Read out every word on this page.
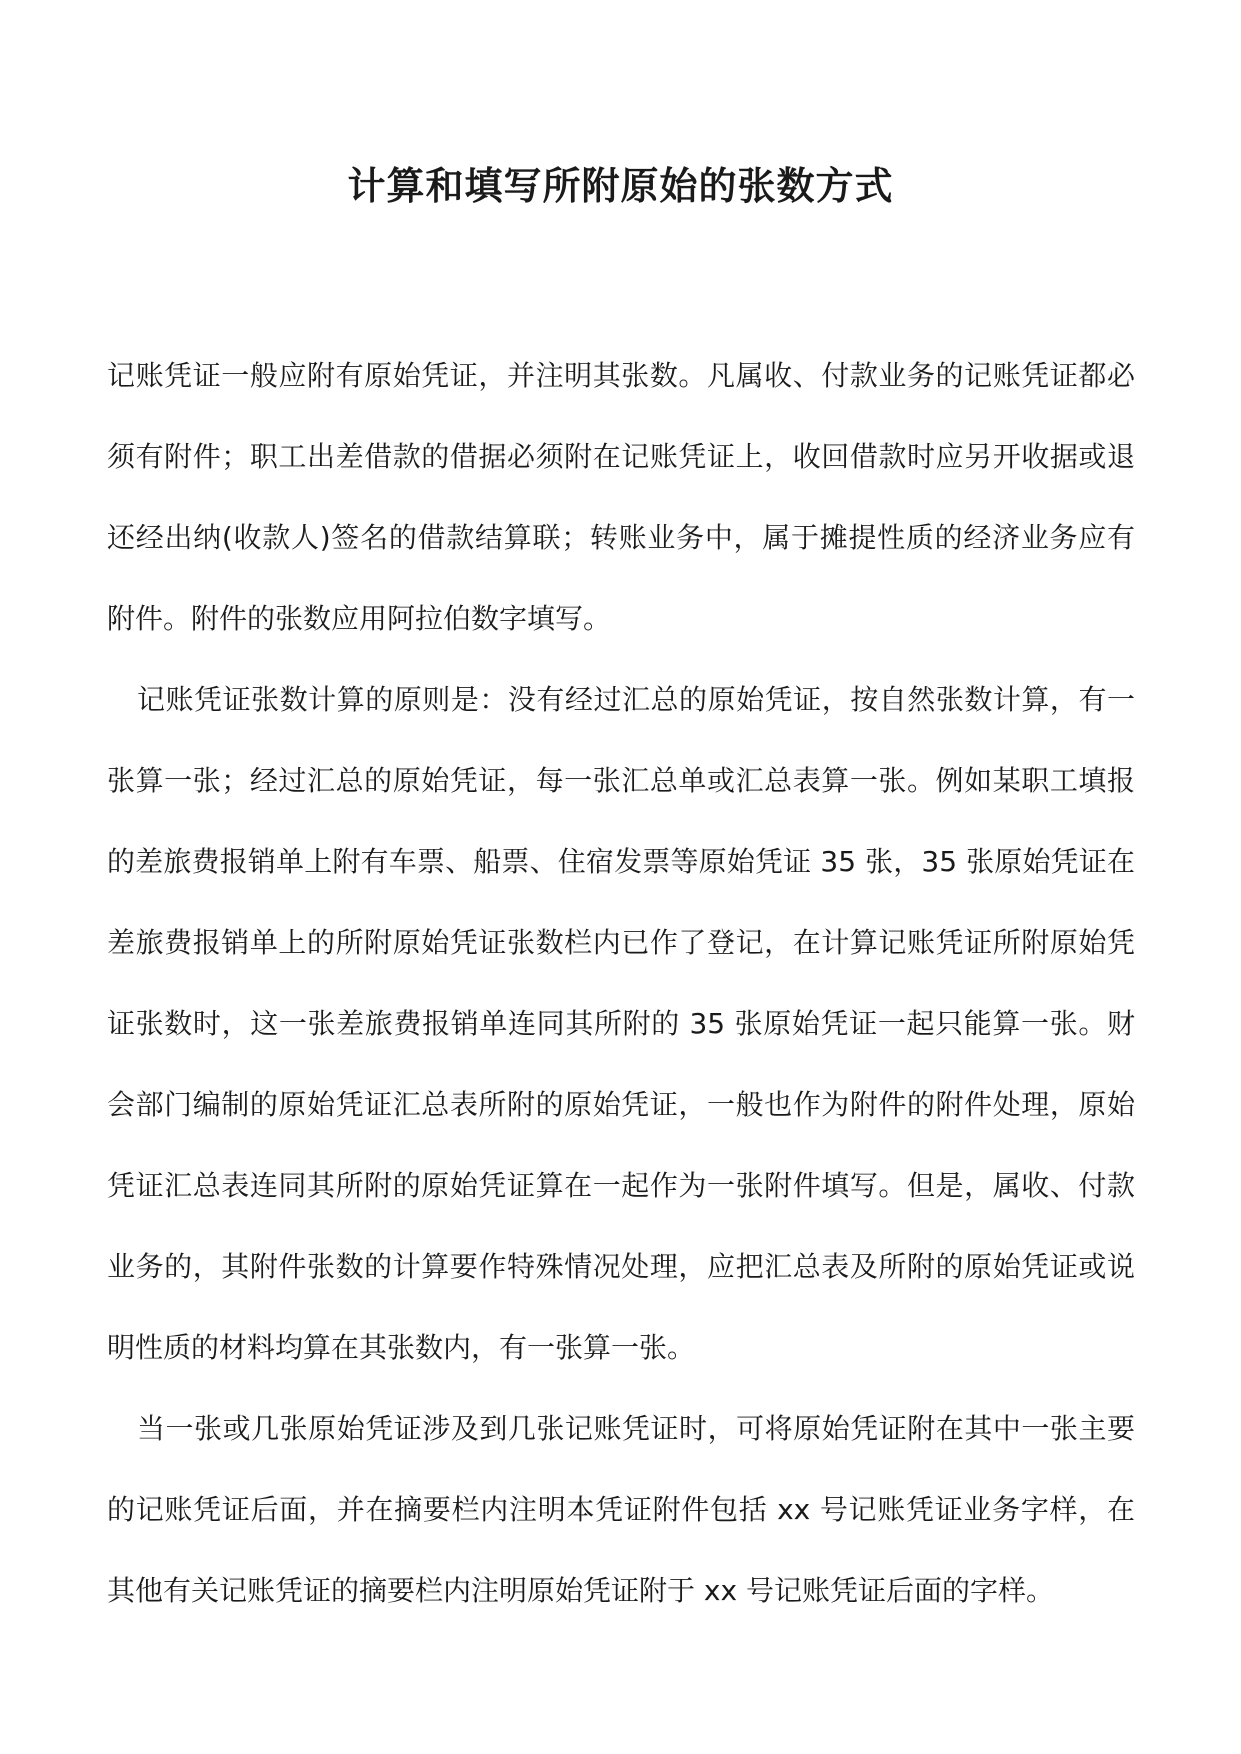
计算和填写所附原始的张数方式

记账凭证一般应附有原始凭证，并注明其张数。凡属收、付款业务的记账凭证都必须有附件；职工出差借款的借据必须附在记账凭证上，收回借款时应另开收据或退还经出纳(收款人)签名的借款结算联；转账业务中，属于摊提性质的经济业务应有附件。附件的张数应用阿拉伯数字填写。

记账凭证张数计算的原则是：没有经过汇总的原始凭证，按自然张数计算，有一张算一张；经过汇总的原始凭证，每一张汇总单或汇总表算一张。例如某职工填报的差旅费报销单上附有车票、船票、住宿发票等原始凭证 35 张，35 张原始凭证在差旅费报销单上的所附原始凭证张数栏内已作了登记，在计算记账凭证所附原始凭证张数时，这一张差旅费报销单连同其所附的 35 张原始凭证一起只能算一张。财会部门编制的原始凭证汇总表所附的原始凭证，一般也作为附件的附件处理，原始凭证汇总表连同其所附的原始凭证算在一起作为一张附件填写。但是，属收、付款业务的，其附件张数的计算要作特殊情况处理，应把汇总表及所附的原始凭证或说明性质的材料均算在其张数内，有一张算一张。

当一张或几张原始凭证涉及到几张记账凭证时，可将原始凭证附在其中一张主要的记账凭证后面，并在摘要栏内注明本凭证附件包括 xx 号记账凭证业务字样，在其他有关记账凭证的摘要栏内注明原始凭证附于 xx 号记账凭证后面的字样。
